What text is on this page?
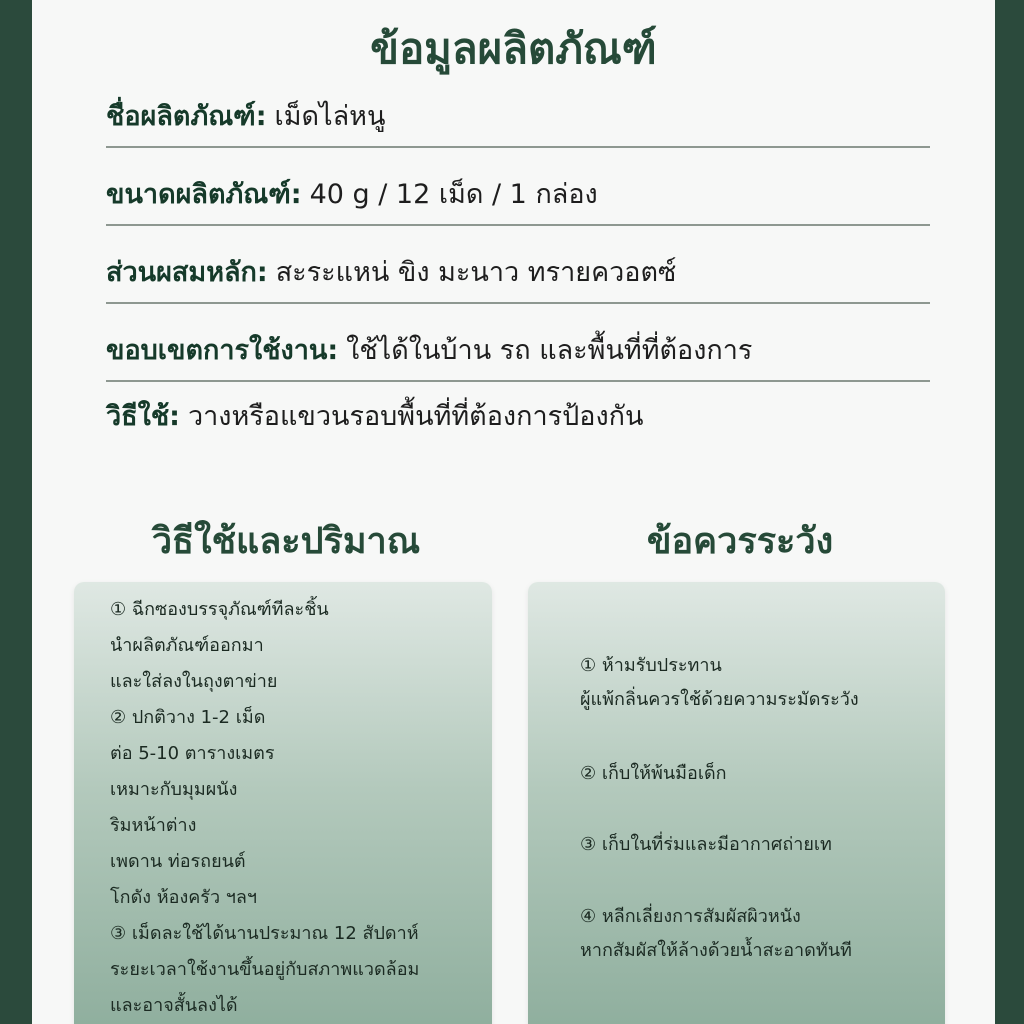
ข้อมูลผลิตภัณฑ์
ชื่อผลิตภัณฑ์: เม็ดไล่หนู
ขนาดผลิตภัณฑ์: 40 g / 12 เม็ด / 1 กล่อง
ส่วนผสมหลัก: สะระแหน่ ขิง มะนาว ทรายควอตซ์
ขอบเขตการใช้งาน: ใช้ได้ในบ้าน รถ และพื้นที่ที่ต้องการ
วิธีใช้: วางหรือแขวนรอบพื้นที่ที่ต้องการป้องกัน
วิธีใช้และปริมาณ	ข้อควรระวัง
① ฉีกซองบรรจุภัณฑ์ทีละชิ้น
นำผลิตภัณฑ์ออกมา
และใส่ลงในถุงตาข่าย
② ปกติวาง 1-2 เม็ด
ต่อ 5-10 ตารางเมตร
เหมาะกับมุมผนัง
ริมหน้าต่าง
เพดาน ท่อรถยนต์
โกดัง ห้องครัว ฯลฯ
③ เม็ดละใช้ได้นานประมาณ 12 สัปดาห์
ระยะเวลาใช้งานขึ้นอยู่กับสภาพแวดล้อม
และอาจสั้นลงได้
① ห้ามรับประทาน
ผู้แพ้กลิ่นควรใช้ด้วยความระมัดระวัง
② เก็บให้พ้นมือเด็ก
③ เก็บในที่ร่มและมีอากาศถ่ายเท
④ หลีกเลี่ยงการสัมผัสผิวหนัง
หากสัมผัสให้ล้างด้วยน้ำสะอาดทันที
